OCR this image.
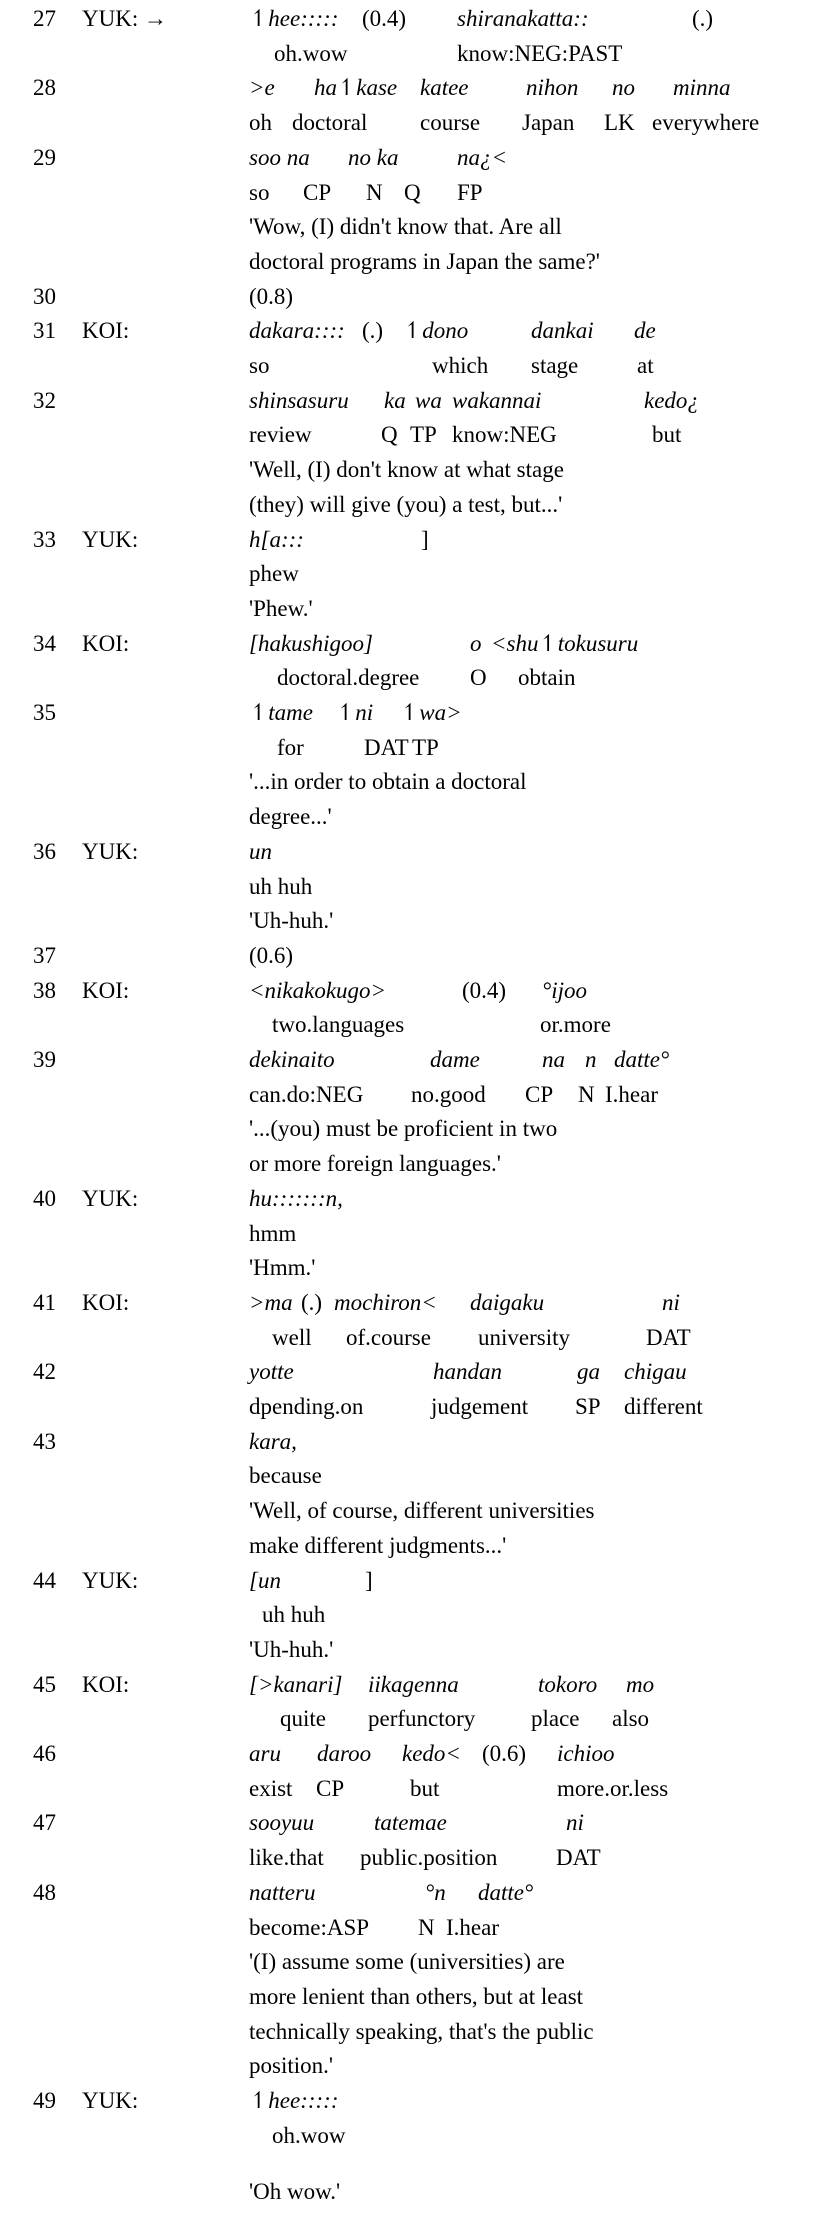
27 YUK: →	↿hee::::: (0.4) shiranakatta::	(.)
oh.wow	know:NEG:PAST
28	>e ha↿kase katee nihon no minna
oh doctoral course Japan LK everywhere
29	soo na no ka	na¿<
so CP N Q FP
'Wow, (I) didn't know that. Are all
doctoral programs in Japan the same?'
30	(0.8)
31 KOI:	dakara:::: (.) ↿dono	dankai de
so	which stage	at
32	shinsasuru ka wa wakannai	kedo¿
review	Q TP know:NEG	but
'Well, (I) don't know at what stage
(they) will give (you) a test, but...'
33 YUK:	h[a:::	]
phew
'Phew.'
34 KOI:	[hakushigoo]	o <shu↿tokusuru
doctoral.degree O obtain
35	↿tame ↿ni ↿wa>
for	DAT TP
'...in order to obtain a doctoral
degree...'
36 YUK:	un
uh huh
'Uh-huh.'
37	(0.6)
38 KOI:	<nikakokugo>	(0.4) °ijoo
two.languages	or.more
39	dekinaito	dame	na n datte°
can.do:NEG no.good CP N I.hear
'...(you) must be proficient in two
or more foreign languages.'
40 YUK:	hu:::::::n,
hmm
'Hmm.'
41 KOI:	>ma (.) mochiron< daigaku	ni
well of.course university	DAT
42	yotte	handan	ga chigau
dpending.on	judgement SP different
43	kara,
because
'Well, of course, different universities
make different judgments...'
44 YUK:	[un	]
uh huh
'Uh-huh.'
45 KOI:	[>kanari] iikagenna	tokoro mo
quite perfunctory place also
46	aru daroo kedo< (0.6) ichioo
exist CP	but	more.or.less
47	sooyuu	tatemae	ni
like.that public.position	DAT
48	natteru	°n datte°
become:ASP N I.hear
'(I) assume some (universities) are
more lenient than others, but at least
technically speaking, that's the public
position.'
49 YUK:	↿hee:::::
oh.wow
'Oh wow.'
